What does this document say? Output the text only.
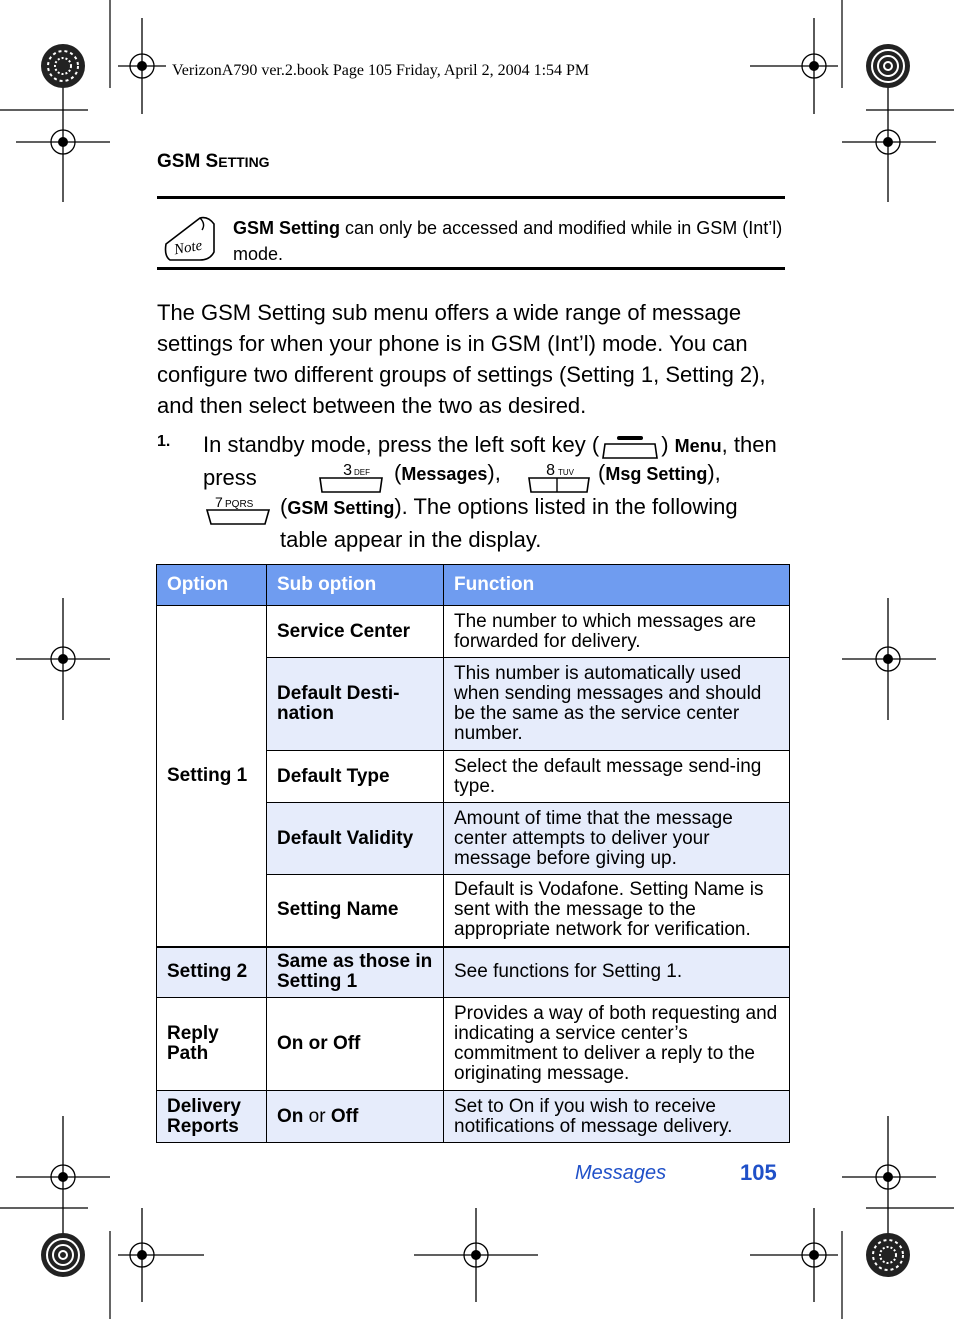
VerizonA790 ver.2.book Page 105 Friday, April 2, 2004 1:54 PM
GSM SETTING
Note
GSM Setting can only be accessed and modified while in GSM (Int’l) mode.
The GSM Setting sub menu offers a wide range of message settings for when your phone is in GSM (Int’l) mode. You can configure two different groups of settings (Setting 1, Setting 2), and then select between the two as desired.
1. In standby mode, press the left soft key (	) Menu, then press	3 DEF (Messages),	8 TUV (Msg Setting),
7 PQRS (GSM Setting). The options listed in the following table appear in the display.
Option	Sub option	Function
Setting 1	Service Center	The number to which messages are forwarded for delivery.
	Default Desti-nation	This number is automatically used when sending messages and should be the same as the service center number.
	Default Type	Select the default message send-ing type.
	Default Validity	Amount of time that the message center attempts to deliver your message before giving up.
	Setting Name	Default is Vodafone. Setting Name is sent with the message to the appropriate network for verification.
Setting 2	Same as those in Setting 1	See functions for Setting 1.
Reply Path	On or Off	Provides a way of both requesting and indicating a service center’s commitment to deliver a reply to the originating message.
Delivery Reports	On or Off	Set to On if you wish to receive notifications of message delivery.
Messages	105
